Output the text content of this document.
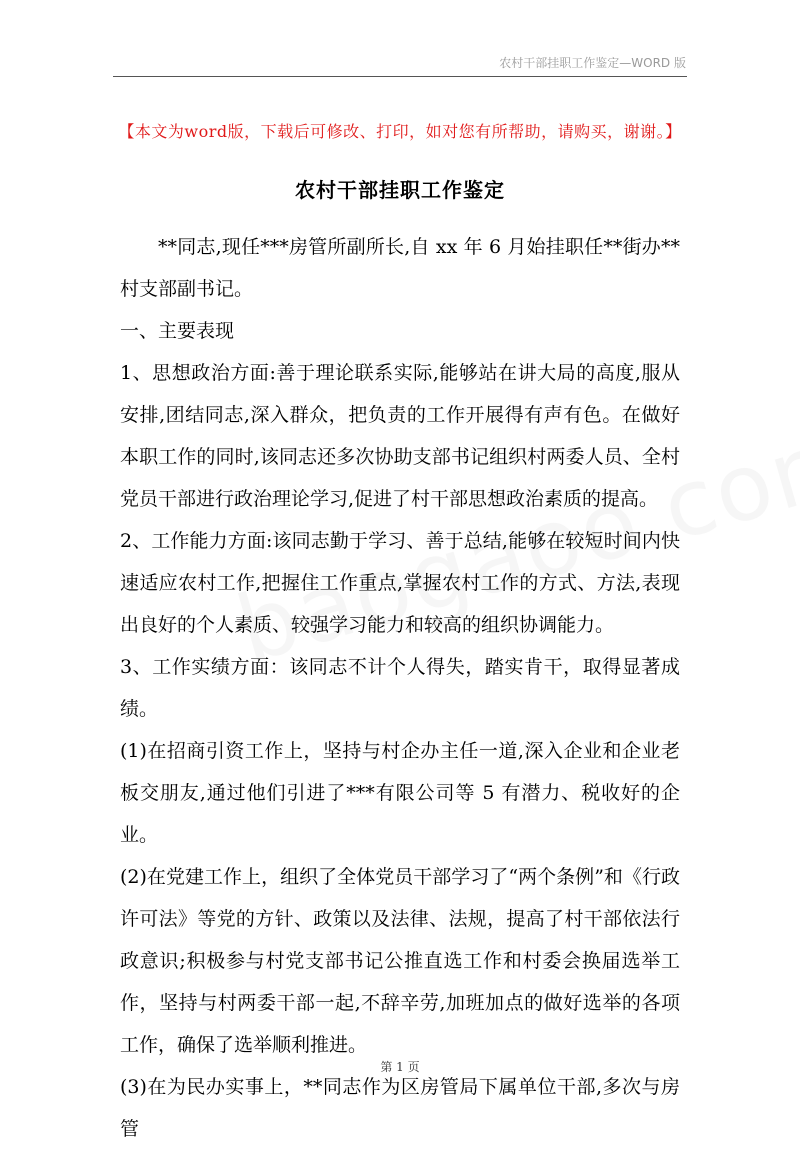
农村干部挂职工作鉴定—WORD 版
【本文为word版，下载后可修改、打印，如对您有所帮助，请购买，谢谢。】
农村干部挂职工作鉴定

**同志,现任***房管所副所长,自 xx 年 6 月始挂职任**街办**村支部副书记。

一、主要表现

1、思想政治方面:善于理论联系实际,能够站在讲大局的高度,服从安排,团结同志,深入群众，把负责的工作开展得有声有色。在做好本职工作的同时,该同志还多次协助支部书记组织村两委人员、全村党员干部进行政治理论学习,促进了村干部思想政治素质的提高。

2、工作能力方面:该同志勤于学习、善于总结,能够在较短时间内快速适应农村工作,把握住工作重点,掌握农村工作的方式、方法,表现出良好的个人素质、较强学习能力和较高的组织协调能力。

3、工作实绩方面：该同志不计个人得失，踏实肯干，取得显著成绩。

(1)在招商引资工作上，坚持与村企办主任一道,深入企业和企业老板交朋友,通过他们引进了***有限公司等 5 有潜力、税收好的企业。

(2)在党建工作上，组织了全体党员干部学习了“两个条例”和《行政许可法》等党的方针、政策以及法律、法规，提高了村干部依法行政意识;积极参与村党支部书记公推直选工作和村委会换届选举工作，坚持与村两委干部一起,不辞辛劳,加班加点的做好选举的各项工作，确保了选举顺利推进。

(3)在为民办实事上，**同志作为区房管局下属单位干部,多次与房管

第 1 页
